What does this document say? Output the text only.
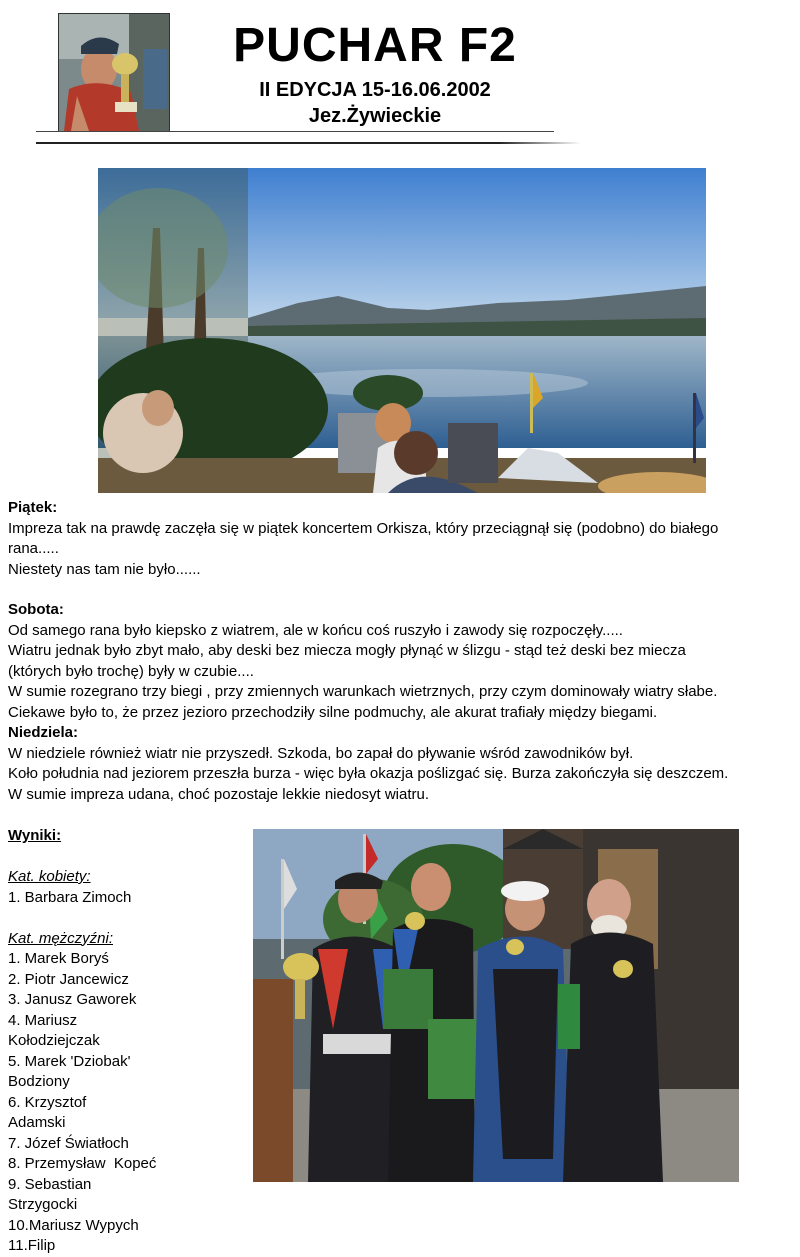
PUCHAR F2
II EDYCJA 15-16.06.2002
Jez.Żywieckie
Piątek:
Impreza tak na prawdę zaczęła się w piątek koncertem Orkisza, który przeciągnął się (podobno) do białego
rana.....
Niestety nas tam nie było......
Sobota:
Od samego rana było kiepsko z wiatrem, ale w końcu coś ruszyło i zawody się rozpoczęły.....
Wiatru jednak było zbyt mało, aby deski bez miecza mogły płynąć w ślizgu - stąd też deski bez miecza
(których było trochę) były w czubie....
W sumie rozegrano trzy biegi , przy zmiennych warunkach wietrznych, przy czym dominowały wiatry słabe.
Ciekawe było to, że przez jezioro przechodziły silne podmuchy, ale akurat trafiały między biegami.
Niedziela:
W niedziele również wiatr nie przyszedł. Szkoda, bo zapał do pływanie wśród zawodników był.
Koło południa nad jeziorem przeszła burza - więc była okazja poślizgać się. Burza zakończyła się deszczem.
W sumie impreza udana, choć pozostaje lekkie niedosyt wiatru.
Wyniki:
Kat. kobiety:
1. Barbara Zimoch
Kat. mężczyźni:
1. Marek Boryś
2. Piotr Jancewicz
3. Janusz Gaworek
4. Mariusz
Kołodziejczak
5. Marek 'Dziobak'
Bodziony
6. Krzysztof
Adamski
7. Józef Światłoch
8. Przemysław  Kopeć
9. Sebastian
Strzygocki
10.Mariusz Wypych
11.Filip
